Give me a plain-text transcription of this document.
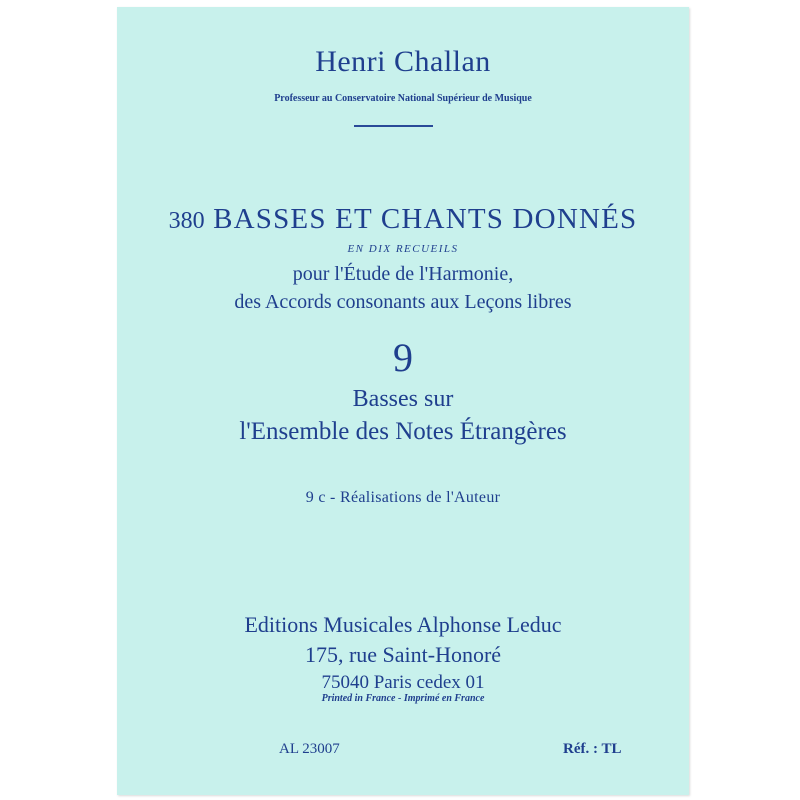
Henri Challan

Professeur au Conservatoire National Supérieur de Musique

380 BASSES ET CHANTS DONNÉS

EN DIX RECUEILS

pour l'Étude de l'Harmonie,

des Accords consonants aux Leçons libres

9

Basses sur

l'Ensemble des Notes Étrangères

9 c - Réalisations de l'Auteur

Editions Musicales Alphonse Leduc

175, rue Saint-Honoré

75040 Paris cedex 01

Printed in France - Imprimé en France

AL 23007	Réf. : TL
